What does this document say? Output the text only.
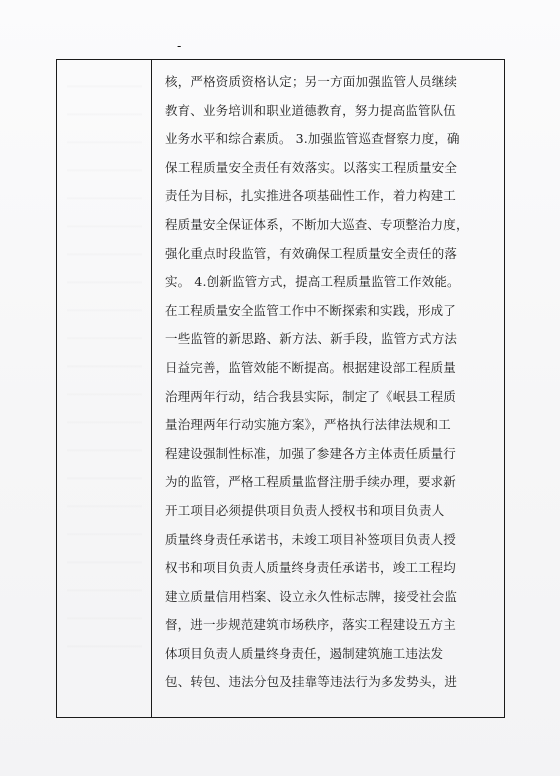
-
核，严格资质资格认定；另一方面加强监管人员继续
教育、业务培训和职业道德教育，努力提高监管队伍
业务水平和综合素质。 3.加强监管巡查督察力度，确
保工程质量安全责任有效落实。以落实工程质量安全
责任为目标，扎实推进各项基础性工作，着力构建工
程质量安全保证体系，不断加大巡查、专项整治力度，
强化重点时段监管，有效确保工程质量安全责任的落
实。 4.创新监管方式，提高工程质量监管工作效能。
在工程质量安全监管工作中不断探索和实践，形成了
一些监管的新思路、新方法、新手段，监管方式方法
日益完善，监管效能不断提高。根据建设部工程质量
治理两年行动，结合我县实际，制定了《岷县工程质
量治理两年行动实施方案》，严格执行法律法规和工
程建设强制性标准，加强了参建各方主体责任质量行
为的监管，严格工程质量监督注册手续办理，要求新
开工项目必须提供项目负责人授权书和项目负责人
质量终身责任承诺书，未竣工项目补签项目负责人授
权书和项目负责人质量终身责任承诺书，竣工工程均
建立质量信用档案、设立永久性标志牌，接受社会监
督，进一步规范建筑市场秩序，落实工程建设五方主
体项目负责人质量终身责任，遏制建筑施工违法发
包、转包、违法分包及挂靠等违法行为多发势头，进
